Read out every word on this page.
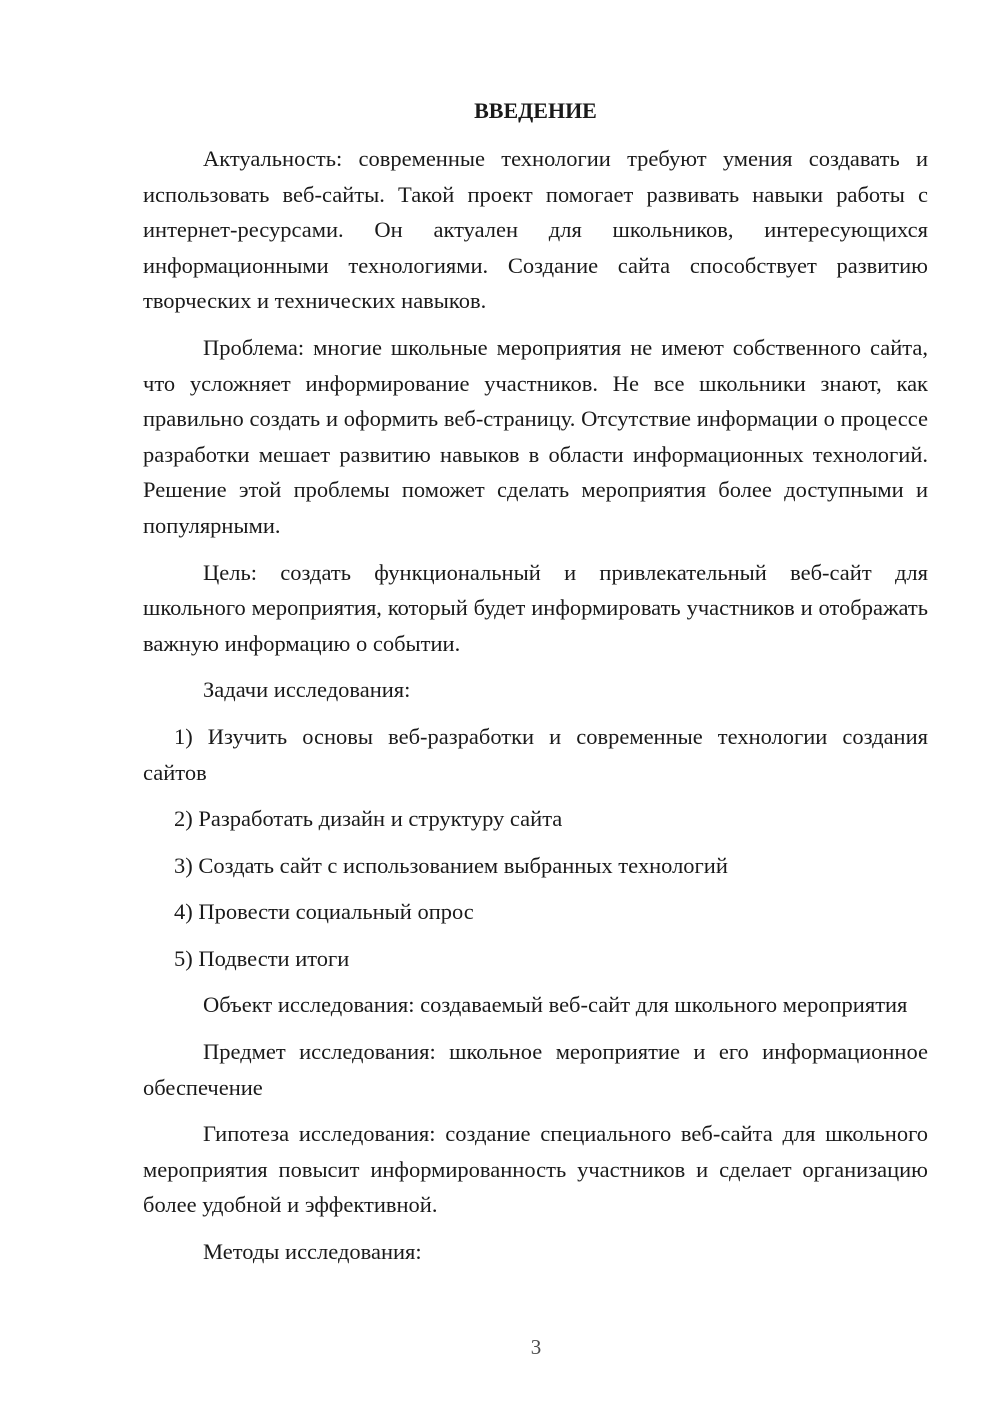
ВВЕДЕНИЕ

Актуальность: современные технологии требуют умения создавать и использовать веб-сайты. Такой проект помогает развивать навыки работы с интернет-ресурсами. Он актуален для школьников, интересующихся информационными технологиями. Создание сайта способствует развитию творческих и технических навыков.

Проблема: многие школьные мероприятия не имеют собственного сайта, что усложняет информирование участников. Не все школьники знают, как правильно создать и оформить веб-страницу. Отсутствие информации о процессе разработки мешает развитию навыков в области информационных технологий. Решение этой проблемы поможет сделать мероприятия более доступными и популярными.

Цель: создать функциональный и привлекательный веб-сайт для школьного мероприятия, который будет информировать участников и отображать важную информацию о событии.

Задачи исследования:

1) Изучить основы веб-разработки и современные технологии создания сайтов

2) Разработать дизайн и структуру сайта

3) Создать сайт с использованием выбранных технологий

4) Провести социальный опрос

5) Подвести итоги

Объект исследования: создаваемый веб-сайт для школьного мероприятия

Предмет исследования: школьное мероприятие и его информационное обеспечение

Гипотеза исследования: создание специального веб-сайта для школьного мероприятия повысит информированность участников и сделает организацию более удобной и эффективной.

Методы исследования:

3
